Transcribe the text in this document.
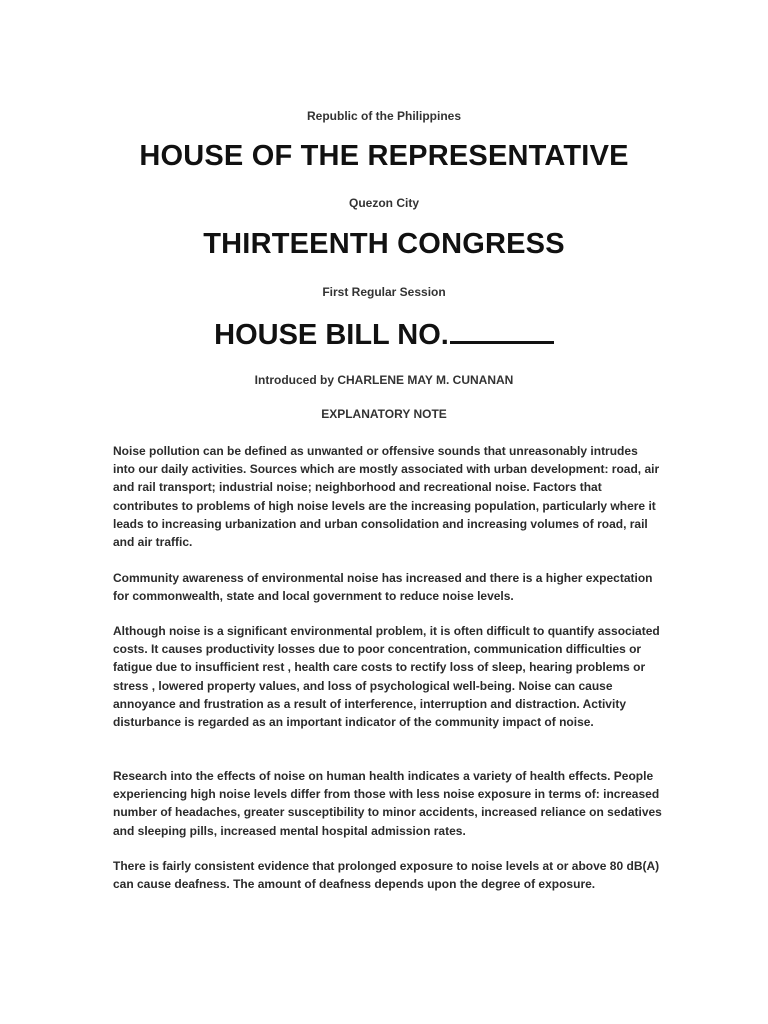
Republic of the Philippines
HOUSE OF THE REPRESENTATIVE
Quezon City
THIRTEENTH CONGRESS
First Regular Session
HOUSE BILL NO.
Introduced by CHARLENE MAY M. CUNANAN
EXPLANATORY NOTE

Noise pollution can be defined as unwanted or offensive sounds that unreasonably intrudes into our daily activities. Sources which are mostly associated with urban development: road, air and rail transport; industrial noise; neighborhood and recreational noise. Factors that contributes to problems of high noise levels are the increasing population, particularly where it leads to increasing urbanization and urban consolidation and increasing volumes of road, rail and air traffic.

Community awareness of environmental noise has increased and there is a higher expectation for commonwealth, state and local government to reduce noise levels.

Although noise is a significant environmental problem, it is often difficult to quantify associated costs. It causes productivity losses due to poor concentration, communication difficulties or fatigue due to insufficient rest , health care costs to rectify loss of sleep, hearing problems or stress , lowered property values, and loss of psychological well-being. Noise can cause annoyance and frustration as a result of interference, interruption and distraction. Activity disturbance is regarded as an important indicator of the community impact of noise.

Research into the effects of noise on human health indicates a variety of health effects. People experiencing high noise levels differ from those with less noise exposure in terms of: increased number of headaches, greater susceptibility to minor accidents, increased reliance on sedatives and sleeping pills, increased mental hospital admission rates.

There is fairly consistent evidence that prolonged exposure to noise levels at or above 80 dB(A) can cause deafness. The amount of deafness depends upon the degree of exposure.
